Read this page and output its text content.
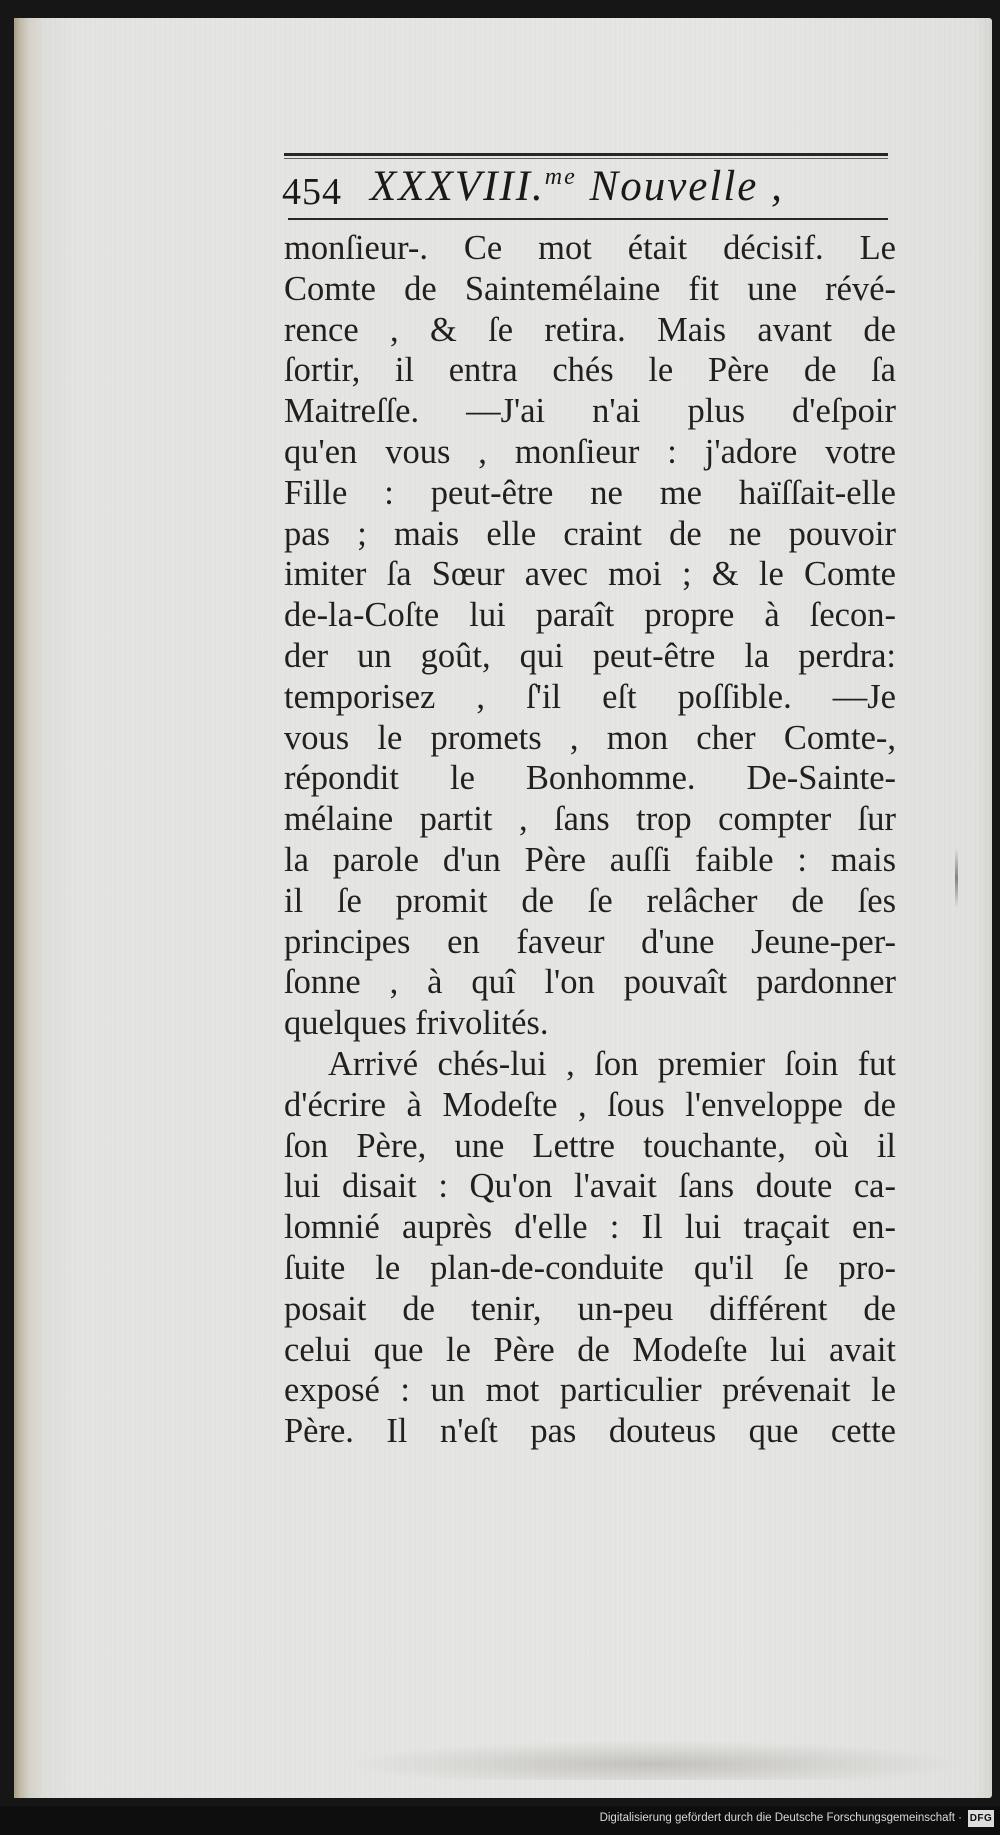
454 XXXVIII.$^{me}$ Nouvelle ,
monſieur-. Ce mot était décisif. Le
Comte de Saintemélaine fit une révé-
rence , & ſe retira. Mais avant de
ſortir, il entra chés le Père de ſa
Maitreſſe. —J'ai n'ai plus d'eſpoir
qu'en vous , monſieur : j'adore votre
Fille : peut-être ne me haïſſait-elle
pas ; mais elle craint de ne pouvoir
imiter ſa Sœur avec moi ; & le Comte
de-la-Coſte lui paraît propre à ſecon-
der un goût, qui peut-être la perdra:
temporisez , ſ'il eſt poſſible. —Je
vous le promets , mon cher Comte-,
répondit le Bonhomme. De-Sainte-
mélaine partit , ſans trop compter ſur
la parole d'un Père auſſi faible : mais
il ſe promit de ſe relâcher de ſes
principes en faveur d'une Jeune-per-
ſonne , à quî l'on pouvaît pardonner
quelques frivolités.
Arrivé chés-lui , ſon premier ſoin fut
d'écrire à Modeſte , ſous l'enveloppe de
ſon Père, une Lettre touchante, où il
lui disait : Qu'on l'avait ſans doute ca-
lomnié auprès d'elle : Il lui traçait en-
ſuite le plan-de-conduite qu'il ſe pro-
posait de tenir, un-peu différent de
celui que le Père de Modeſte lui avait
exposé : un mot particulier prévenait le
Père. Il n'eſt pas douteus que cette
Digitalisierung gefördert durch die Deutsche Forschungsgemeinschaft · DFG
